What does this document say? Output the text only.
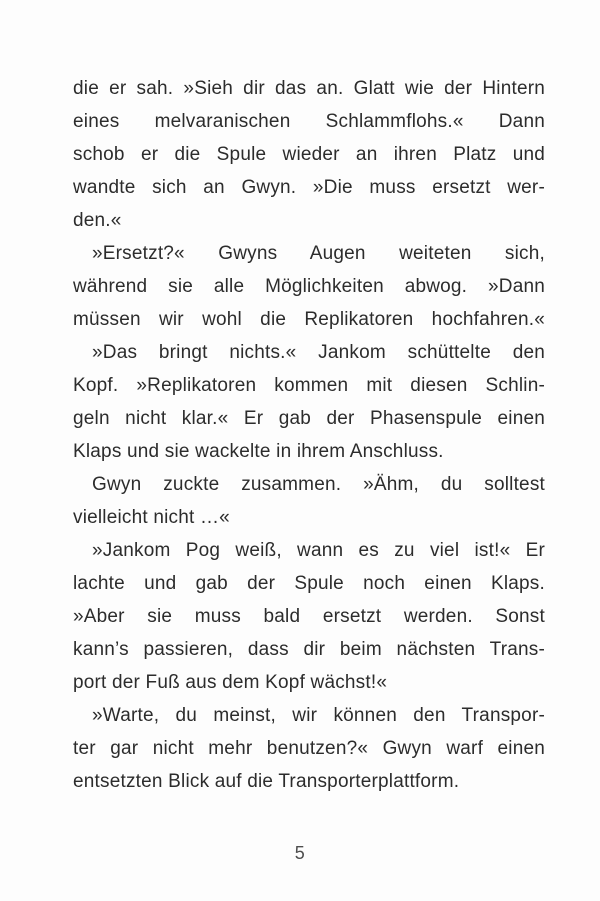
die er sah. »Sieh dir das an. Glatt wie der Hintern
eines melvaranischen Schlammflohs.« Dann
schob er die Spule wieder an ihren Platz und
wandte sich an Gwyn. »Die muss ersetzt wer-
den.«
»Ersetzt?« Gwyns Augen weiteten sich,
während sie alle Möglichkeiten abwog. »Dann
müssen wir wohl die Replikatoren hochfahren.«
»Das bringt nichts.« Jankom schüttelte den
Kopf. »Replikatoren kommen mit diesen Schlin-
geln nicht klar.« Er gab der Phasenspule einen
Klaps und sie wackelte in ihrem Anschluss.
Gwyn zuckte zusammen. »Ähm, du solltest
vielleicht nicht …«
»Jankom Pog weiß, wann es zu viel ist!« Er
lachte und gab der Spule noch einen Klaps.
»Aber sie muss bald ersetzt werden. Sonst
kann’s passieren, dass dir beim nächsten Trans-
port der Fuß aus dem Kopf wächst!«
»Warte, du meinst, wir können den Transpor-
ter gar nicht mehr benutzen?« Gwyn warf einen
entsetzten Blick auf die Transporterplattform.
5
